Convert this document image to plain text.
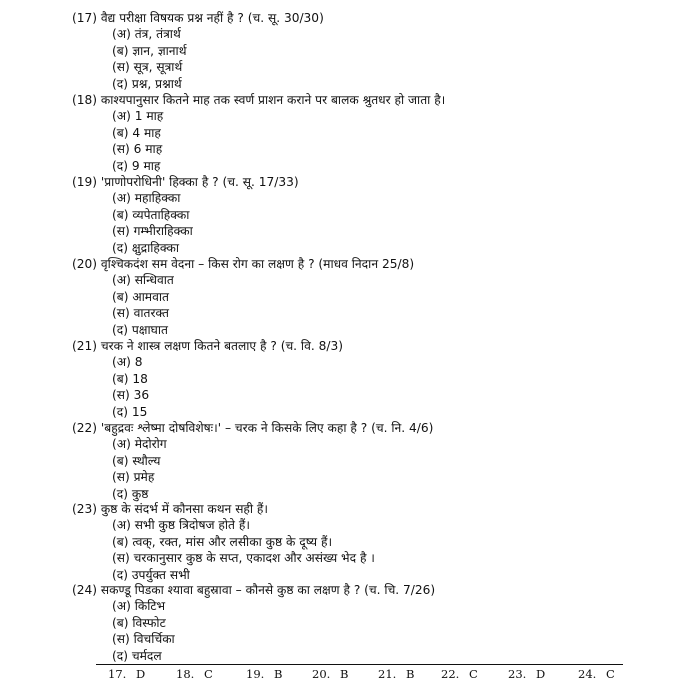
(17) वैद्य परीक्षा विषयक प्रश्न नहीं है ? (च. सू. 30/30)
(अ) तंत्र, तंत्रार्थ
(ब) ज्ञान, ज्ञानार्थ
(स) सूत्र, सूत्रार्थ
(द) प्रश्न, प्रश्नार्थ
(18) काश्यपानुसार कितने माह तक स्वर्ण प्राशन कराने पर बालक श्रुतधर हो जाता है।
(अ) 1 माह
(ब) 4 माह
(स) 6 माह
(द) 9 माह
(19) 'प्राणोपरोधिनी' हिक्का है ? (च. सू. 17/33)
(अ) महाहिक्का
(ब) व्यपेताहिक्का
(स) गम्भीराहिक्का
(द) क्षुद्राहिक्का
(20) वृश्चिकदंश सम वेदना – किस रोग का लक्षण है ? (माधव निदान 25/8)
(अ) सन्धिवात
(ब) आमवात
(स) वातरक्त
(द) पक्षाघात
(21) चरक ने शास्त्र लक्षण कितने बतलाए है ? (च. वि. 8/3)
(अ) 8
(ब) 18
(स) 36
(द) 15
(22) 'बहुद्रवः श्लेष्मा दोषविशेषः।' – चरक ने किसके लिए कहा है ? (च. नि. 4/6)
(अ) मेदोरोग
(ब) स्थौल्य
(स) प्रमेह
(द) कुष्ठ
(23) कुष्ठ के संदर्भ में कौनसा कथन सही हैं।
(अ) सभी कुष्ठ त्रिदोषज होते हैं।
(ब) त्वक्, रक्त, मांस और लसीका कुष्ठ के दूष्य हैं।
(स) चरकानुसार कुष्ठ के सप्त, एकादश और असंख्य भेद है ।
(द) उपर्युक्त सभी
(24) सकण्डू पिडका श्यावा बहुस्रावा – कौनसे कुष्ठ का लक्षण है ? (च. चि. 7/26)
(अ) किटिभ
(ब) विस्फोट
(स) विचर्चिका
(द) चर्मदल
17. D	18. C	19. B	20. B	21. B 22. C	23. D	24. C
